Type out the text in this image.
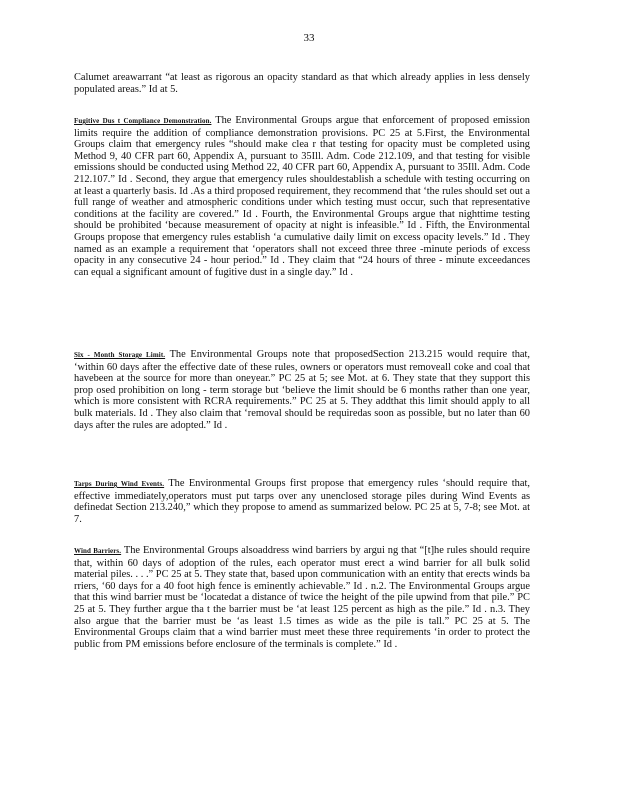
33

Calumet areawarrant “at least as rigorous an opacity standard as that which already applies in less densely populated areas.” Id at 5.

Fugitive Dus t Compliance Demonstration. The Environmental Groups argue that enforcement of proposed emission limits require the addition of compliance demonstration provisions. PC 25 at 5.First, the Environmental Groups claim that emergency rules “should make clea r that testing for opacity must be completed using Method 9, 40 CFR part 60, Appendix A, pursuant to 35Ill. Adm. Code 212.109, and that testing for visible emissions should be conducted using Method 22, 40 CFR part 60, Appendix A, pursuant to 35Ill. Adm. Code 212.107.” Id . Second, they argue that emergency rules shouldestablish a schedule with testing occurring on at least a quarterly basis. Id .As a third proposed requirement, they recommend that ‘the rules should set out a full range of weather and atmospheric conditions under which testing must occur, such that representative conditions at the facility are covered.” Id . Fourth, the Environmental Groups argue that nighttime testing should be prohibited ‘because measurement of opacity at night is infeasible.” Id . Fifth, the Environmental Groups propose that emergency rules establish ‘a cumulative daily limit on excess opacity levels.” Id . They named as an example a requirement that ‘operators shall not exceed three three -minute periods of excess opacity in any consecutive 24 - hour period.” Id . They claim that “24 hours of three - minute exceedances can equal a significant amount of fugitive dust in a single day.” Id .

Six - Month Storage Limit. The Environmental Groups note that proposedSection 213.215 would require that, ‘within 60 days after the effective date of these rules, owners or operators must removeall coke and coal that havebeen at the source for more than oneyear.” PC 25 at 5; see Mot. at 6. They state that they support this prop osed prohibition on long - term storage but ‘believe the limit should be 6 months rather than one year, which is more consistent with RCRA requirements.” PC 25 at 5. They addthat this limit should apply to all bulk materials. Id . They also claim that ‘removal should be requiredas soon as possible, but no later than 60 days after the rules are adopted.” Id .

Tarps During Wind Events. The Environmental Groups first propose that emergency rules ‘should require that, effective immediately,operators must put tarps over any unenclosed storage piles during Wind Events as definedat Section 213.240,” which they propose to amend as summarized below. PC 25 at 5, 7-8; see Mot. at 7.

Wind Barriers. The Environmental Groups alsoaddress wind barriers by argui ng that “[t]he rules should require that, within 60 days of adoption of the rules, each operator must erect a wind barrier for all bulk solid material piles. . . .” PC 25 at 5. They state that, based upon communication with an entity that erects winds ba rriers, ‘60 days for a 40 foot high fence is eminently achievable.” Id . n.2. The Environmental Groups argue that this wind barrier must be ‘locatedat a distance of twice the height of the pile upwind from that pile.” PC 25 at 5. They further argue tha t the barrier must be ‘at least 125 percent as high as the pile.” Id . n.3. They also argue that the barrier must be ‘as least 1.5 times as wide as the pile is tall.” PC 25 at 5. The Environmental Groups claim that a wind barrier must meet these three requirements ‘in order to protect the public from PM emissions before enclosure of the terminals is complete.” Id .
